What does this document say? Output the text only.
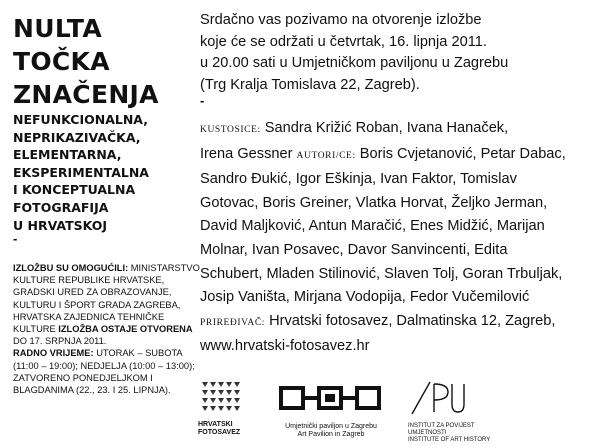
NULTA
TOČKA
ZNAČENJA
NEFUNKCIONALNA,
NEPRIKAZIVAČKA,
ELEMENTARNA,
EKSPERIMENTALNA
I KONCEPTUALNA
FOTOGRAFIJA
U HRVATSKOJ
-
IZLOŽBU SU OMOGUĆILI: MINISTARSTVO KULTURE REPUBLIKE HRVATSKE, GRADSKI URED ZA OBRAZOVANJE, KULTURU I ŠPORT GRADA ZAGREBA, HRVATSKA ZAJEDNICA TEHNIČKE KULTURE IZLOŽBA OSTAJE OTVORENA DO 17. SRPNJA 2011.
RADNO VRIJEME: UTORAK – SUBOTA (11:00 – 19:00); NEDJELJA (10:00 – 13:00); ZATVORENO PONEDJELJKOM I BLAGDANIMA (22., 23. I 25. LIPNJA).
Srdačno vas pozivamo na otvorenje izložbe
koje će se održati u četvrtak, 16. lipnja 2011.
u 20.00 sati u Umjetničkom paviljonu u Zagrebu
(Trg Kralja Tomislava 22, Zagreb).
-
KUSTOSICE: Sandra Križić Roban, Ivana Hanaček,
Irena Gessner AUTORI/CE: Boris Cvjetanović, Petar Dabac,
Sandro Đukić, Igor Eškinja, Ivan Faktor, Tomislav
Gotovac, Boris Greiner, Vlatka Horvat, Željko Jerman,
David Maljković, Antun Maračić, Enes Midžić, Marijan
Molnar, Ivan Posavec, Davor Sanvincenti, Edita
Schubert, Mladen Stilinović, Slaven Tolj, Goran Trbuljak,
Josip Vaništa, Mirjana Vodopija, Fedor Vučemilović
PRIREĐIVAČ: Hrvatski fotosavez, Dalmatinska 12, Zagreb,
www.hrvatski-fotosavez.hr
HRVATSKI
FOTOSAVEZ
Umjetnički paviljon u Zagrebu
Art Pavilion in Zagreb
INSTITUT ZA POVIJEST UMJETNOSTI
INSTITUTE OF ART HISTORY
